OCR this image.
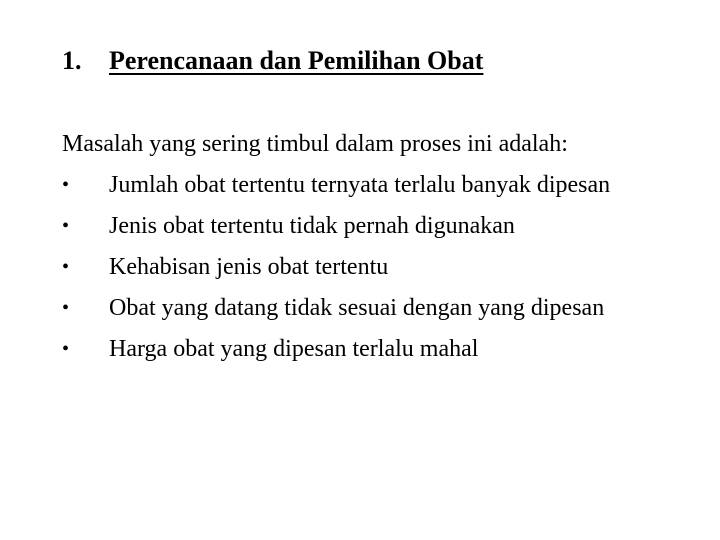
1. Perencanaan dan Pemilihan Obat
Masalah yang sering timbul dalam proses ini adalah:
•	Jumlah obat tertentu ternyata terlalu banyak dipesan
•	Jenis obat tertentu tidak pernah digunakan
•	Kehabisan jenis obat tertentu
•	Obat yang datang tidak sesuai dengan yang dipesan
•	Harga obat yang dipesan terlalu mahal
